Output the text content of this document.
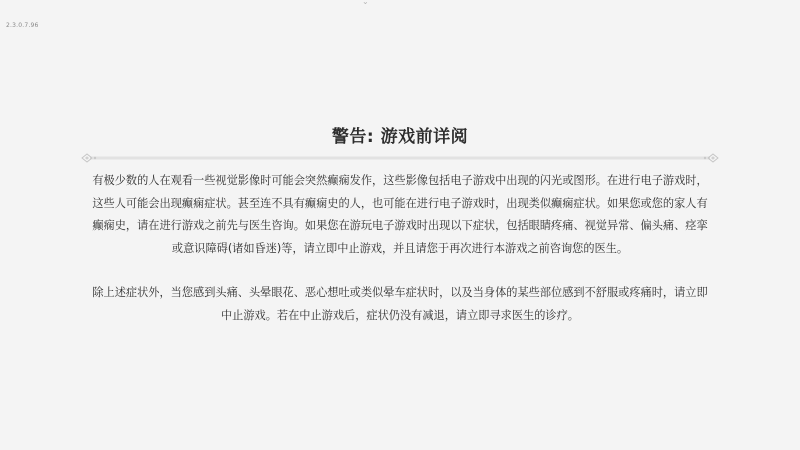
2.3.0.7.96
⌄
警告: 游戏前详阅

有极少数的人在观看一些视觉影像时可能会突然癫痫发作，这些影像包括电子游戏中出现的闪光或图形。在进行电子游戏时，这些人可能会出现癫痫症状。甚至连不具有癫痫史的人，也可能在进行电子游戏时，出现类似癫痫症状。如果您或您的家人有癫痫史，请在进行游戏之前先与医生咨询。如果您在游玩电子游戏时出现以下症状，包括眼睛疼痛、视觉异常、偏头痛、痉挛或意识障碍(诸如昏迷)等，请立即中止游戏，并且请您于再次进行本游戏之前咨询您的医生。

除上述症状外，当您感到头痛、头晕眼花、恶心想吐或类似晕车症状时，以及当身体的某些部位感到不舒服或疼痛时，请立即中止游戏。若在中止游戏后，症状仍没有减退，请立即寻求医生的诊疗。
